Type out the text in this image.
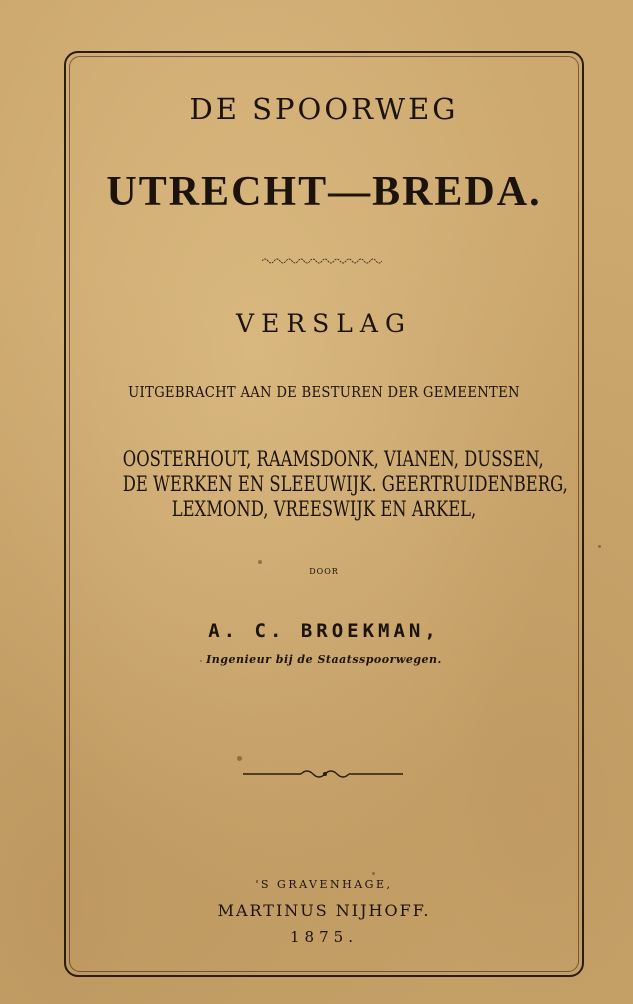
DE SPOORWEG
UTRECHT—BREDA.
VERSLAG
UITGEBRACHT AAN DE BESTUREN DER GEMEENTEN
OOSTERHOUT, RAAMSDONK, VIANEN, DUSSEN,
DE WERKEN EN SLEEUWIJK. GEERTRUIDENBERG,
LEXMOND, VREESWIJK EN ARKEL,
DOOR
A. C. BROEKMAN,
Ingenieur bij de Staatsspoorwegen.
'S GRAVENHAGE,
MARTINUS NIJHOFF.
1875.
